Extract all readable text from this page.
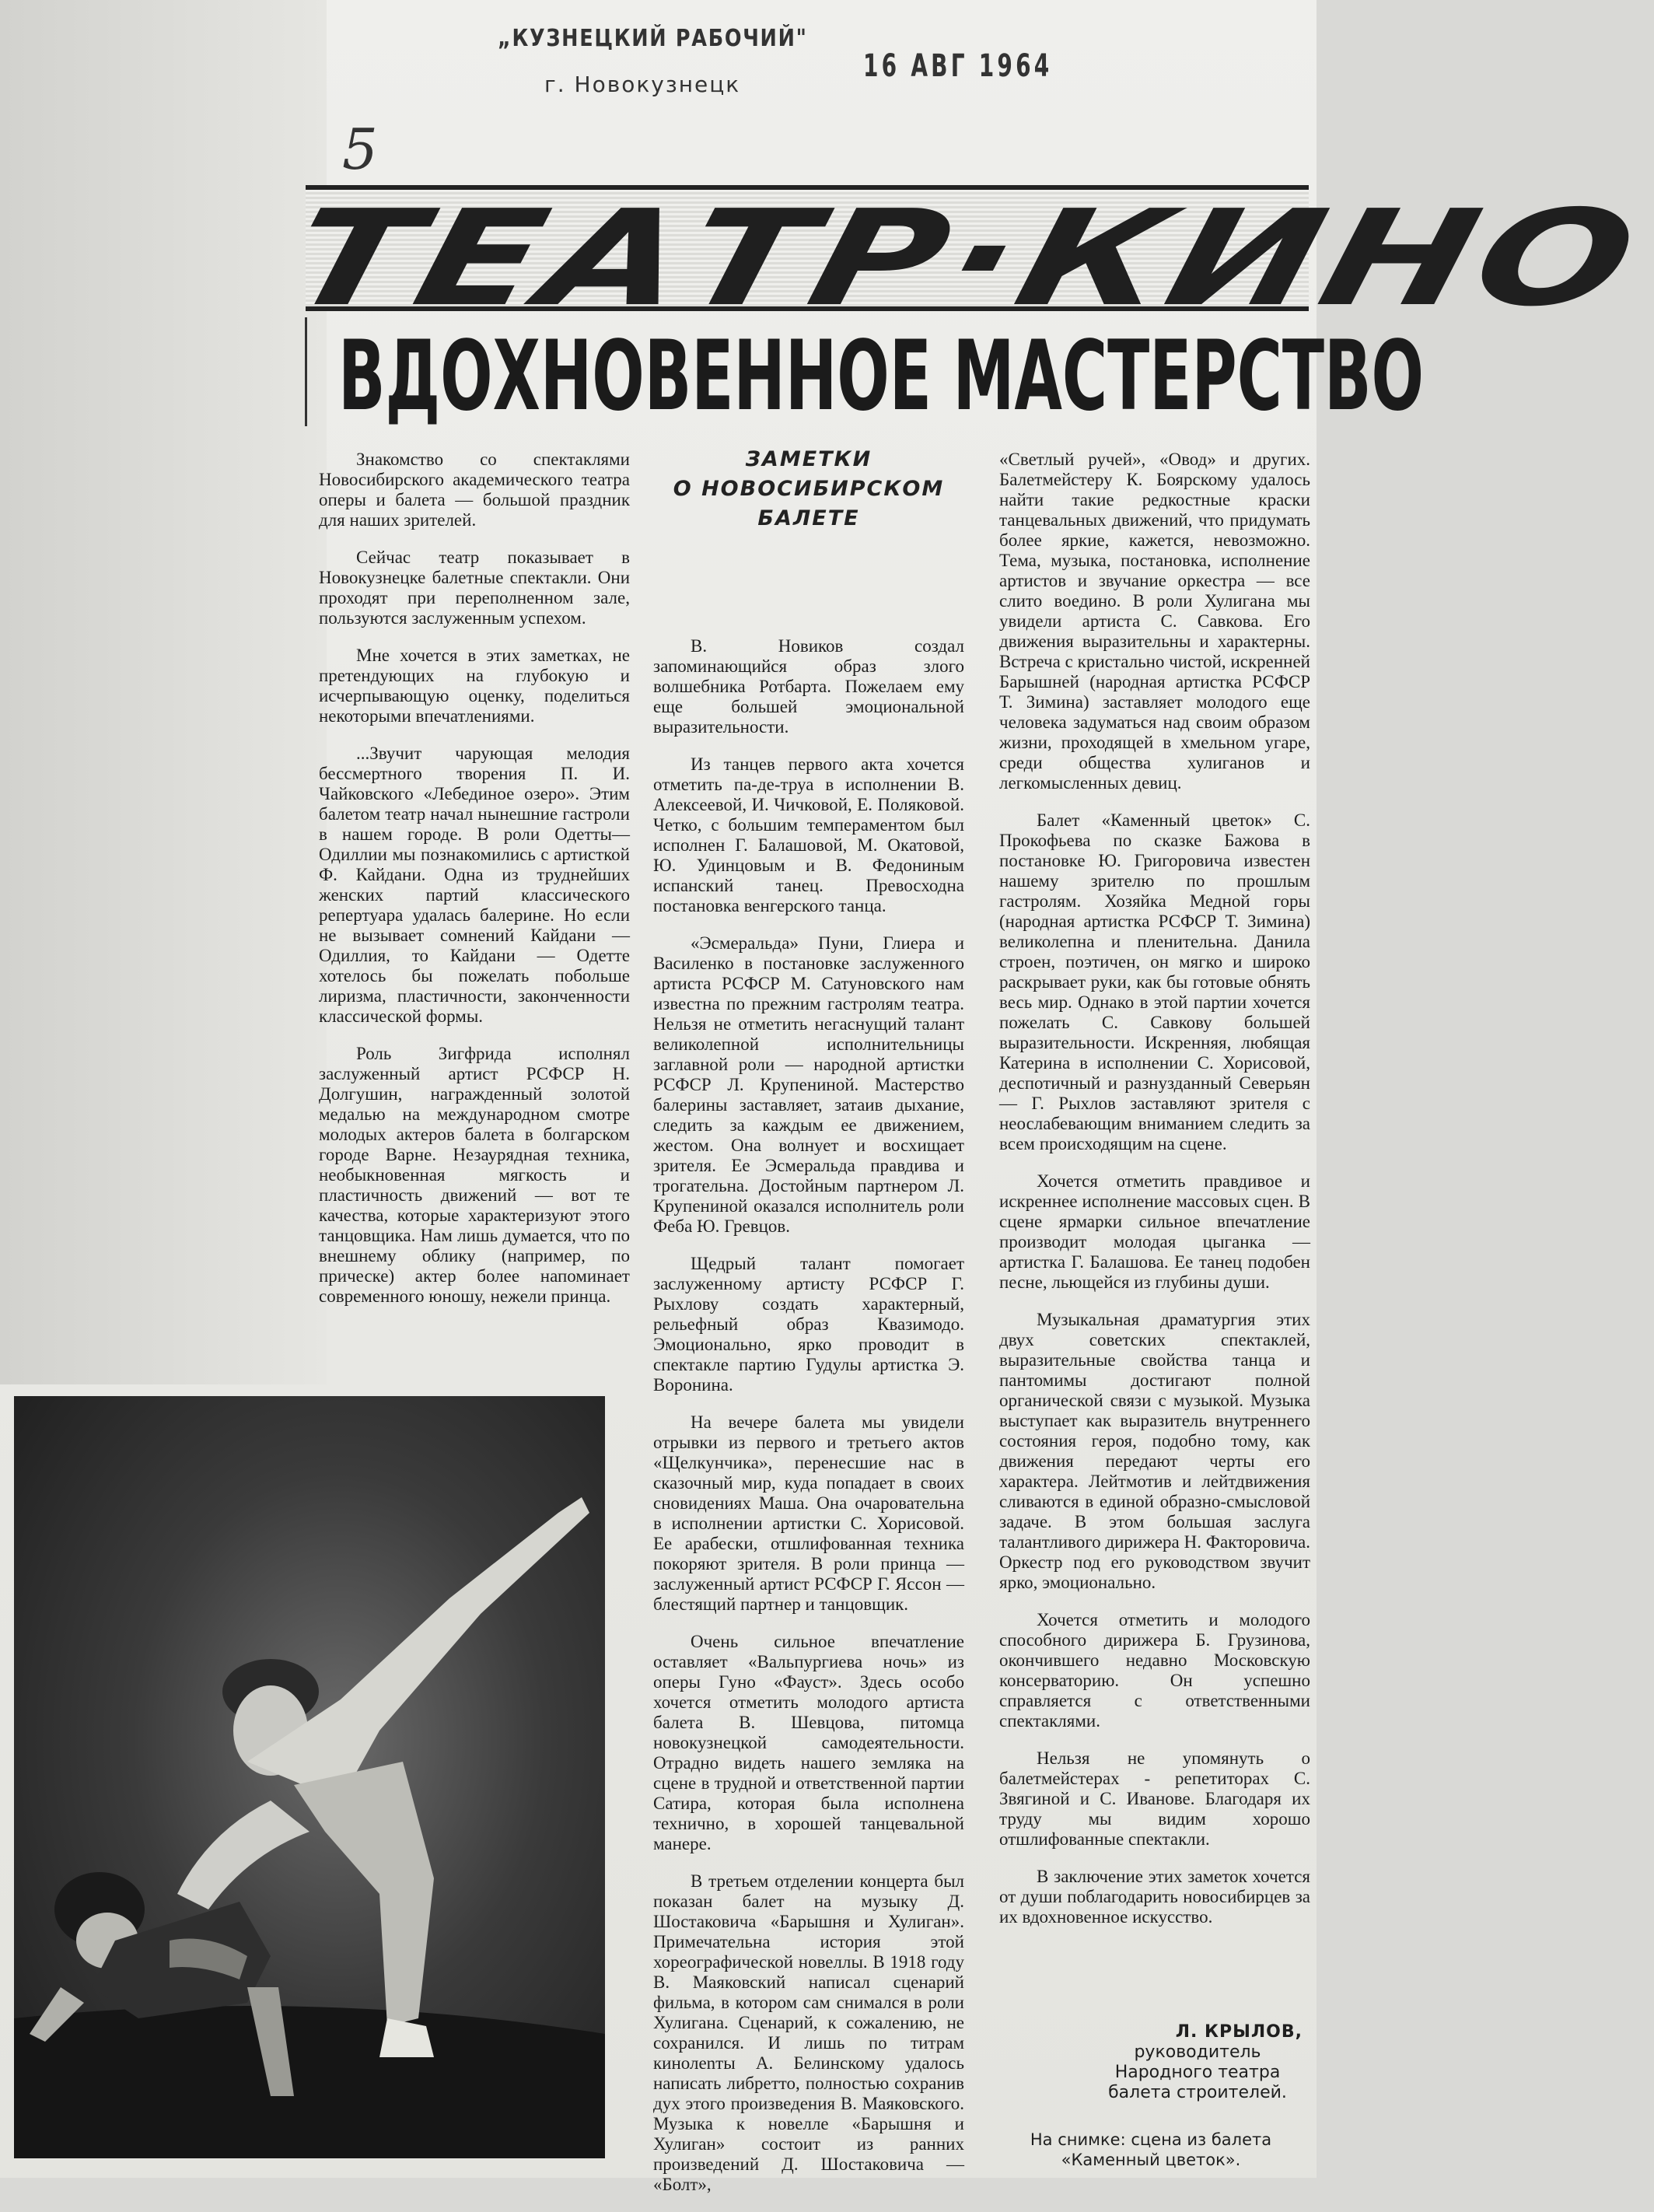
„КУЗНЕЦКИЙ РАБОЧИЙ"
г. Новокузнецк
16 АВГ 1964
5
ТЕАТР·КИНО
ВДОХНОВЕННОЕ МАСТЕРСТВО
ЗАМЕТКИ
О НОВОСИБИРСКОМ
БАЛЕТЕ

Знакомство со спектаклями Новосибирского академического театра оперы и балета — большой праздник для наших зрителей.

Сейчас театр показывает в Новокузнецке балетные спектакли. Они проходят при переполненном зале, пользуются заслуженным успехом.

Мне хочется в этих заметках, не претендующих на глубокую и исчерпывающую оценку, поделиться некоторыми впечатлениями.

...Звучит чарующая мелодия бессмертного творения П. И. Чайковского «Лебединое озеро». Этим балетом театр начал нынешние гастроли в нашем городе. В роли Одетты—Одиллии мы познакомились с артисткой Ф. Кайдани. Одна из труднейших женских партий классического репертуара удалась балерине. Но если не вызывает сомнений Кайдани — Одиллия, то Кайдани — Одетте хотелось бы пожелать побольше лиризма, пластичности, законченности классической формы.

Роль Зигфрида исполнял заслуженный артист РСФСР Н. Долгушин, награжденный золотой медалью на международном смотре молодых актеров балета в болгарском городе Варне. Незаурядная техника, необыкновенная мягкость и пластичность движений — вот те качества, которые характеризуют этого танцовщика. Нам лишь думается, что по внешнему облику (например, по прическе) актер более напоминает современного юношу, нежели принца.

В. Новиков создал запоминающийся образ злого волшебника Ротбарта. Пожелаем ему еще большей эмоциональной выразительности.

Из танцев первого акта хочется отметить па-де-труа в исполнении В. Алексеевой, И. Чичковой, Е. Поляковой. Четко, с большим темпераментом был исполнен Г. Балашовой, М. Окатовой, Ю. Удинцовым и В. Федониным испанский танец. Превосходна постановка венгерского танца.

«Эсмеральда» Пуни, Глиера и Василенко в постановке заслуженного артиста РСФСР М. Сатуновского нам известна по прежним гастролям театра. Нельзя не отметить негаснущий талант великолепной исполнительницы заглавной роли — народной артистки РСФСР Л. Крупениной. Мастерство балерины заставляет, затаив дыхание, следить за каждым ее движением, жестом. Она волнует и восхищает зрителя. Ее Эсмеральда правдива и трогательна. Достойным партнером Л. Крупениной оказался исполнитель роли Феба Ю. Гревцов.

Щедрый талант помогает заслуженному артисту РСФСР Г. Рыхлову создать характерный, рельефный образ Квазимодо. Эмоционально, ярко проводит в спектакле партию Гудулы артистка Э. Воронина.

На вечере балета мы увидели отрывки из первого и третьего актов «Щелкунчика», перенесшие нас в сказочный мир, куда попадает в своих сновидениях Маша. Она очаровательна в исполнении артистки С. Хорисовой. Ее арабески, отшлифованная техника покоряют зрителя. В роли принца — заслуженный артист РСФСР Г. Ясcон — блестящий партнер и танцовщик.

Очень сильное впечатление оставляет «Вальпургиева ночь» из оперы Гуно «Фауст». Здесь особо хочется отметить молодого артиста балета В. Шевцова, питомца новокузнецкой самодеятельности. Отрадно видеть нашего земляка на сцене в трудной и ответственной партии Сатира, которая была исполнена технично, в хорошей танцевальной манере.

В третьем отделении концерта был показан балет на музыку Д. Шостаковича «Барышня и Хулиган». Примечательна история этой хореографической новеллы. В 1918 году В. Маяковский написал сценарий фильма, в котором сам снимался в роли Хулигана. Сценарий, к сожалению, не сохранился. И лишь по титрам кинолenты А. Белинскому удалось написать либретто, полностью сохранив дух этого произведения В. Маяковского. Музыка к новелле «Барышня и Хулиган» состоит из ранних произведений Д. Шостаковича — «Болт»,

«Светлый ручей», «Овод» и других. Балетмейстеру К. Боярскому удалось найти такие редкостные краски танцевальных движений, что придумать более яркие, кажется, невозможно. Тема, музыка, постановка, исполнение артистов и звучание оркестра — все слито воедино. В роли Хулигана мы увидели артиста С. Савкова. Его движения выразительны и характерны. Встреча с кристально чистой, искренней Барышней (народная артистка РСФСР Т. Зимина) заставляет молодого еще человека задуматься над своим образом жизни, проходящей в хмельном угаре, среди общества хулиганов и легкомысленных девиц.

Балет «Каменный цветок» С. Прокофьева по сказке Бажова в постановке Ю. Григоровича известен нашему зрителю по прошлым гастролям. Хозяйка Медной горы (народная артистка РСФСР Т. Зимина) великолепна и пленительна. Данила строен, поэтичен, он мягко и широко раскрывает руки, как бы готовые обнять весь мир. Однако в этой партии хочется пожелать С. Савкову большей выразительности. Искренняя, любящая Катерина в исполнении С. Хорисовой, деспотичный и разнузданный Северьян — Г. Рыхлов заставляют зрителя с неослабевающим вниманием следить за всем происходящим на сцене.

Хочется отметить правдивое и искреннее исполнение массовых сцен. В сцене ярмарки сильное впечатление производит молодая цыганка — артистка Г. Балашова. Ее танец подобен песне, льющейся из глубины души.

Музыкальная драматургия этих двух советских спектаклей, выразительные свойства танца и пантомимы достигают полной органической связи с музыкой. Музыка выступает как выразитель внутреннего состояния героя, подобно тому, как движения передают черты его характера. Лейтмотив и лейтдвижения сливаются в единой образно-смысловой задаче. В этом большая заслуга талантливого дирижера Н. Факторовича. Оркестр под его руководством звучит ярко, эмоционально.

Хочется отметить и молодого способного дирижера Б. Грузинова, окончившего недавно Московскую консерваторию. Он успешно справляется с ответственными спектаклями.

Нельзя не упомянуть о балетмейстерах - репетиторах С. Звягиной и С. Иванове. Благодаря их труду мы видим хорошо отшлифованные спектакли.

В заключение этих заметок хочется от души поблагодарить новосибирцев за их вдохновенное искусство.

Л. КРЫЛОВ,
руководитель Народного театра балета строителей.
На снимке: сцена из балета «Каменный цветок».
